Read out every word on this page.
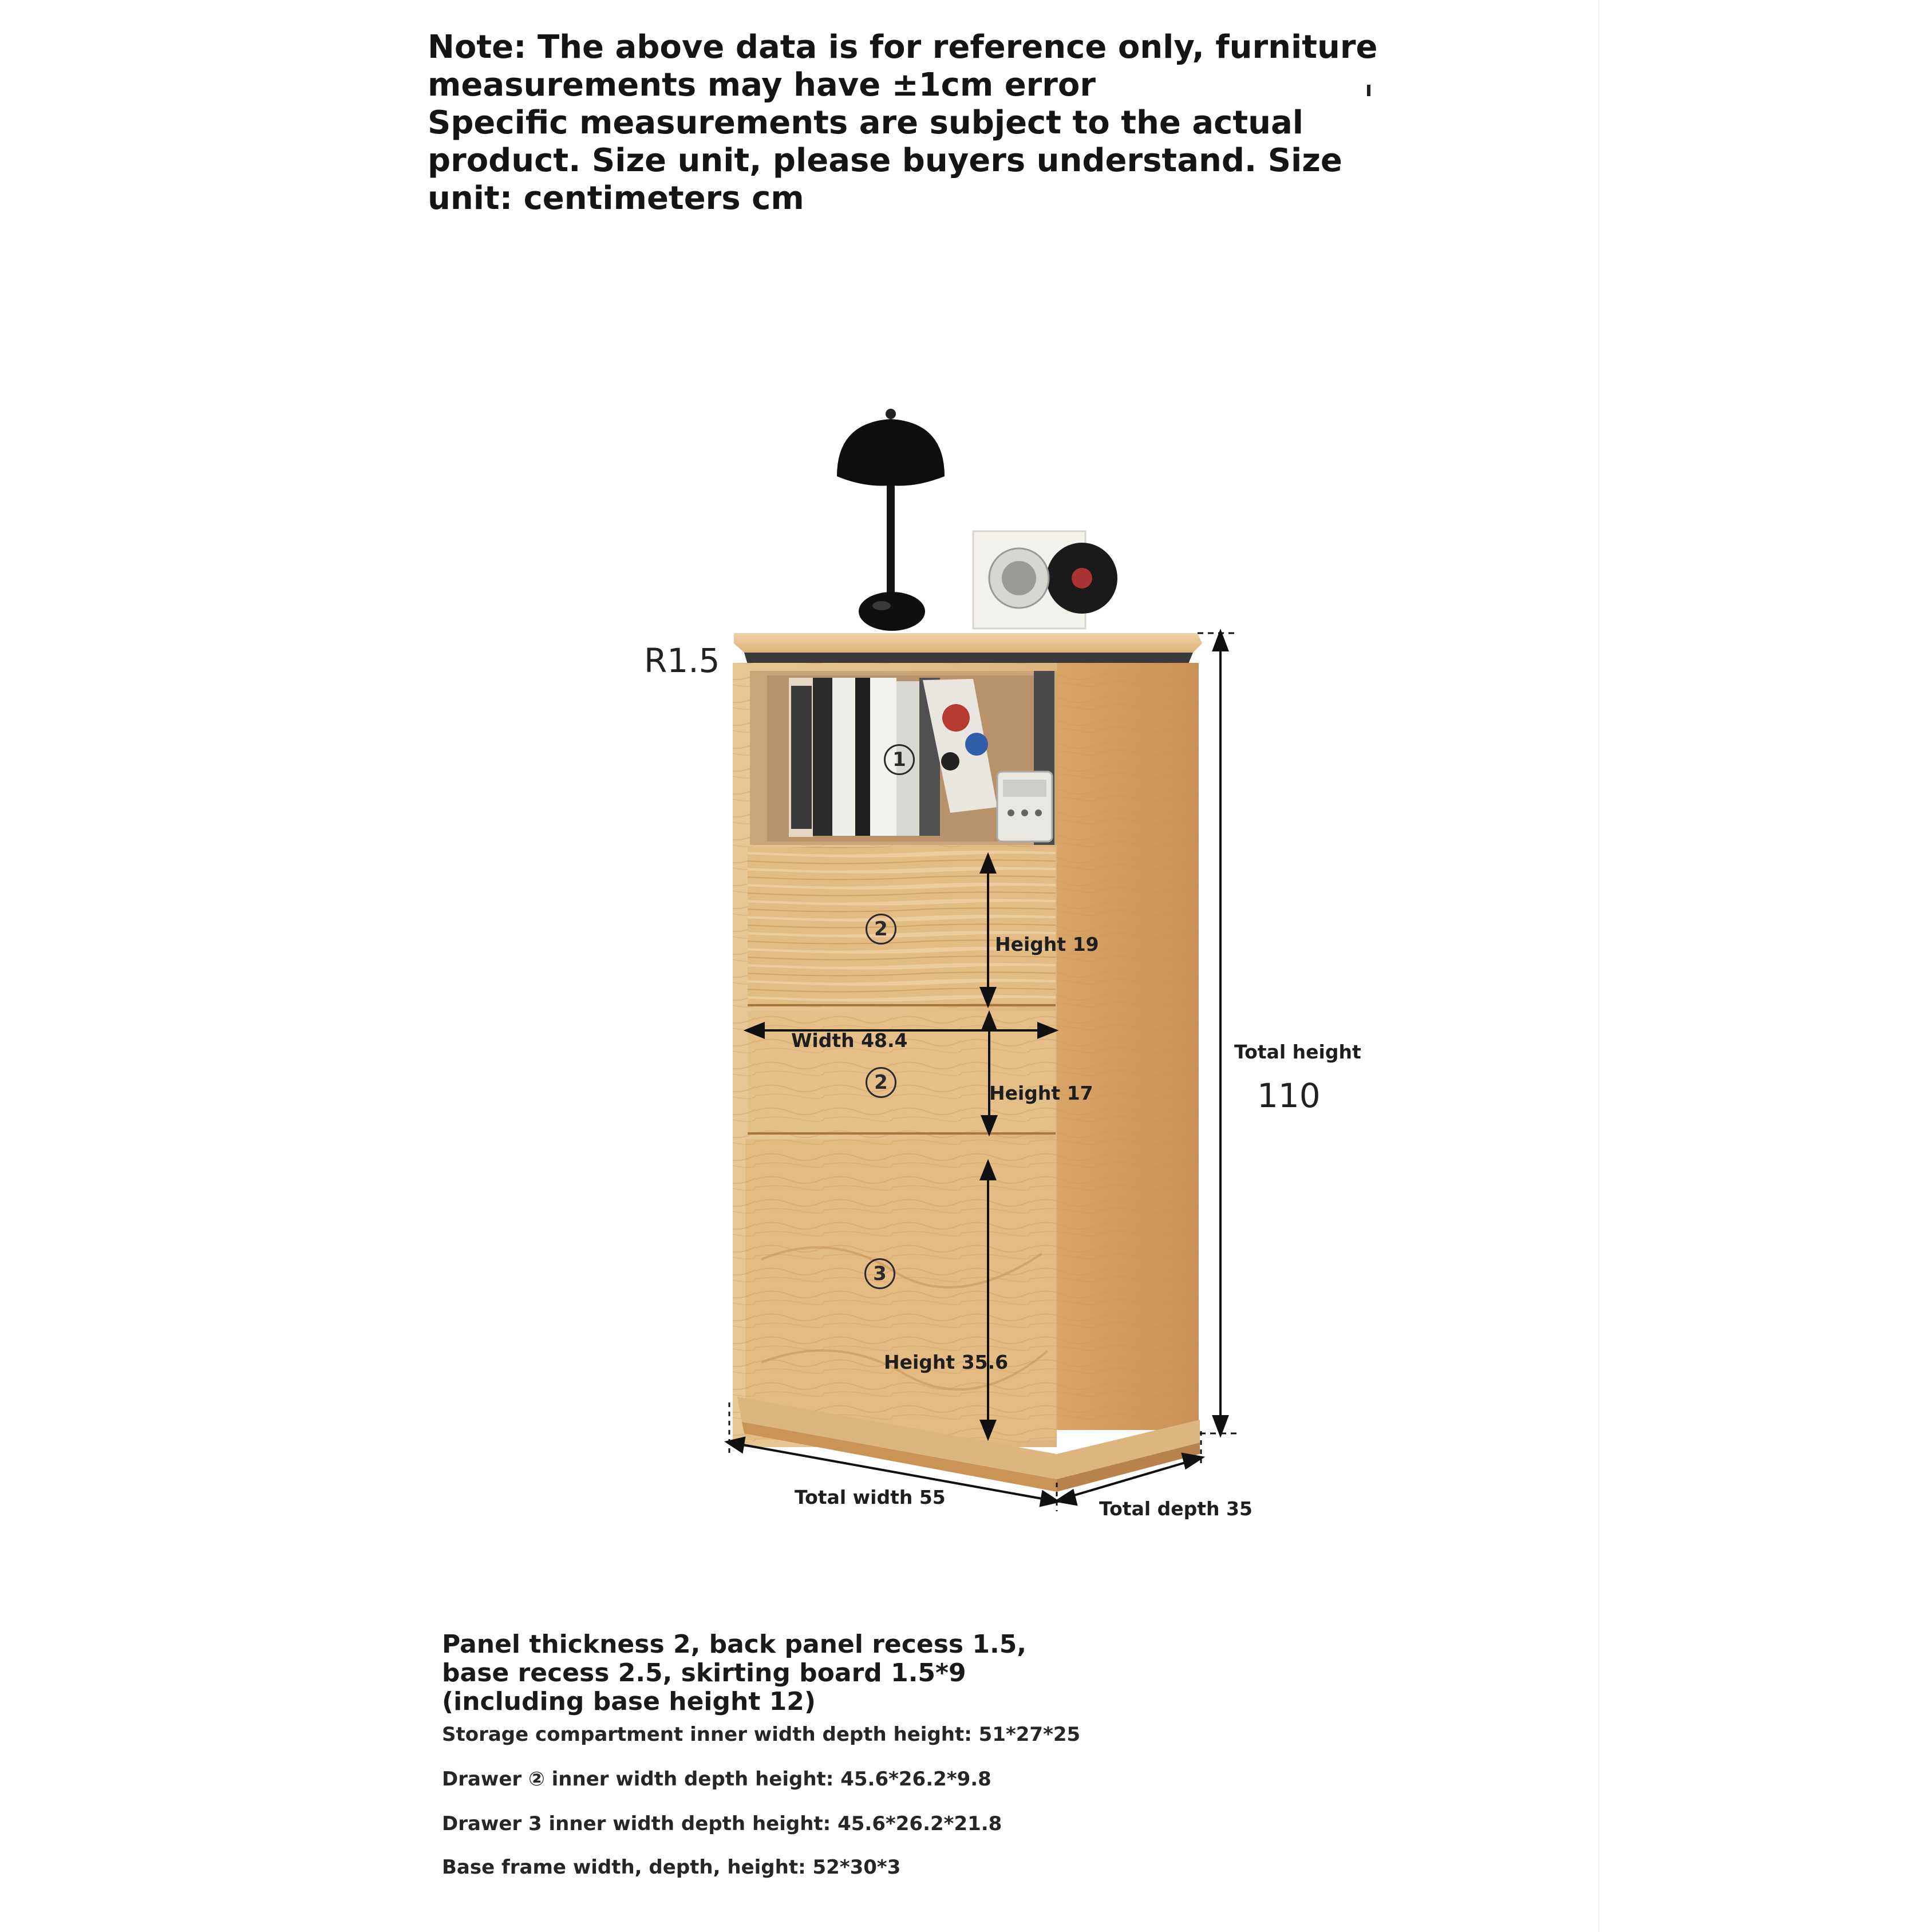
Note: The above data is for reference only, furniture
measurements may have ±1cm error
Specific measurements are subject to the actual
product. Size unit, please buyers understand. Size
unit: centimeters cm
R1.5
Height 19
Height 17
Width 48.4
Height 35.6
Total height
110
Total width 55
Total depth 35
1
2
2
3
Panel thickness 2, back panel recess 1.5,
base recess 2.5, skirting board 1.5*9
(including base height 12)
Storage compartment inner width depth height: 51*27*25
Drawer ② inner width depth height: 45.6*26.2*9.8
Drawer 3 inner width depth height: 45.6*26.2*21.8
Base frame width, depth, height: 52*30*3
